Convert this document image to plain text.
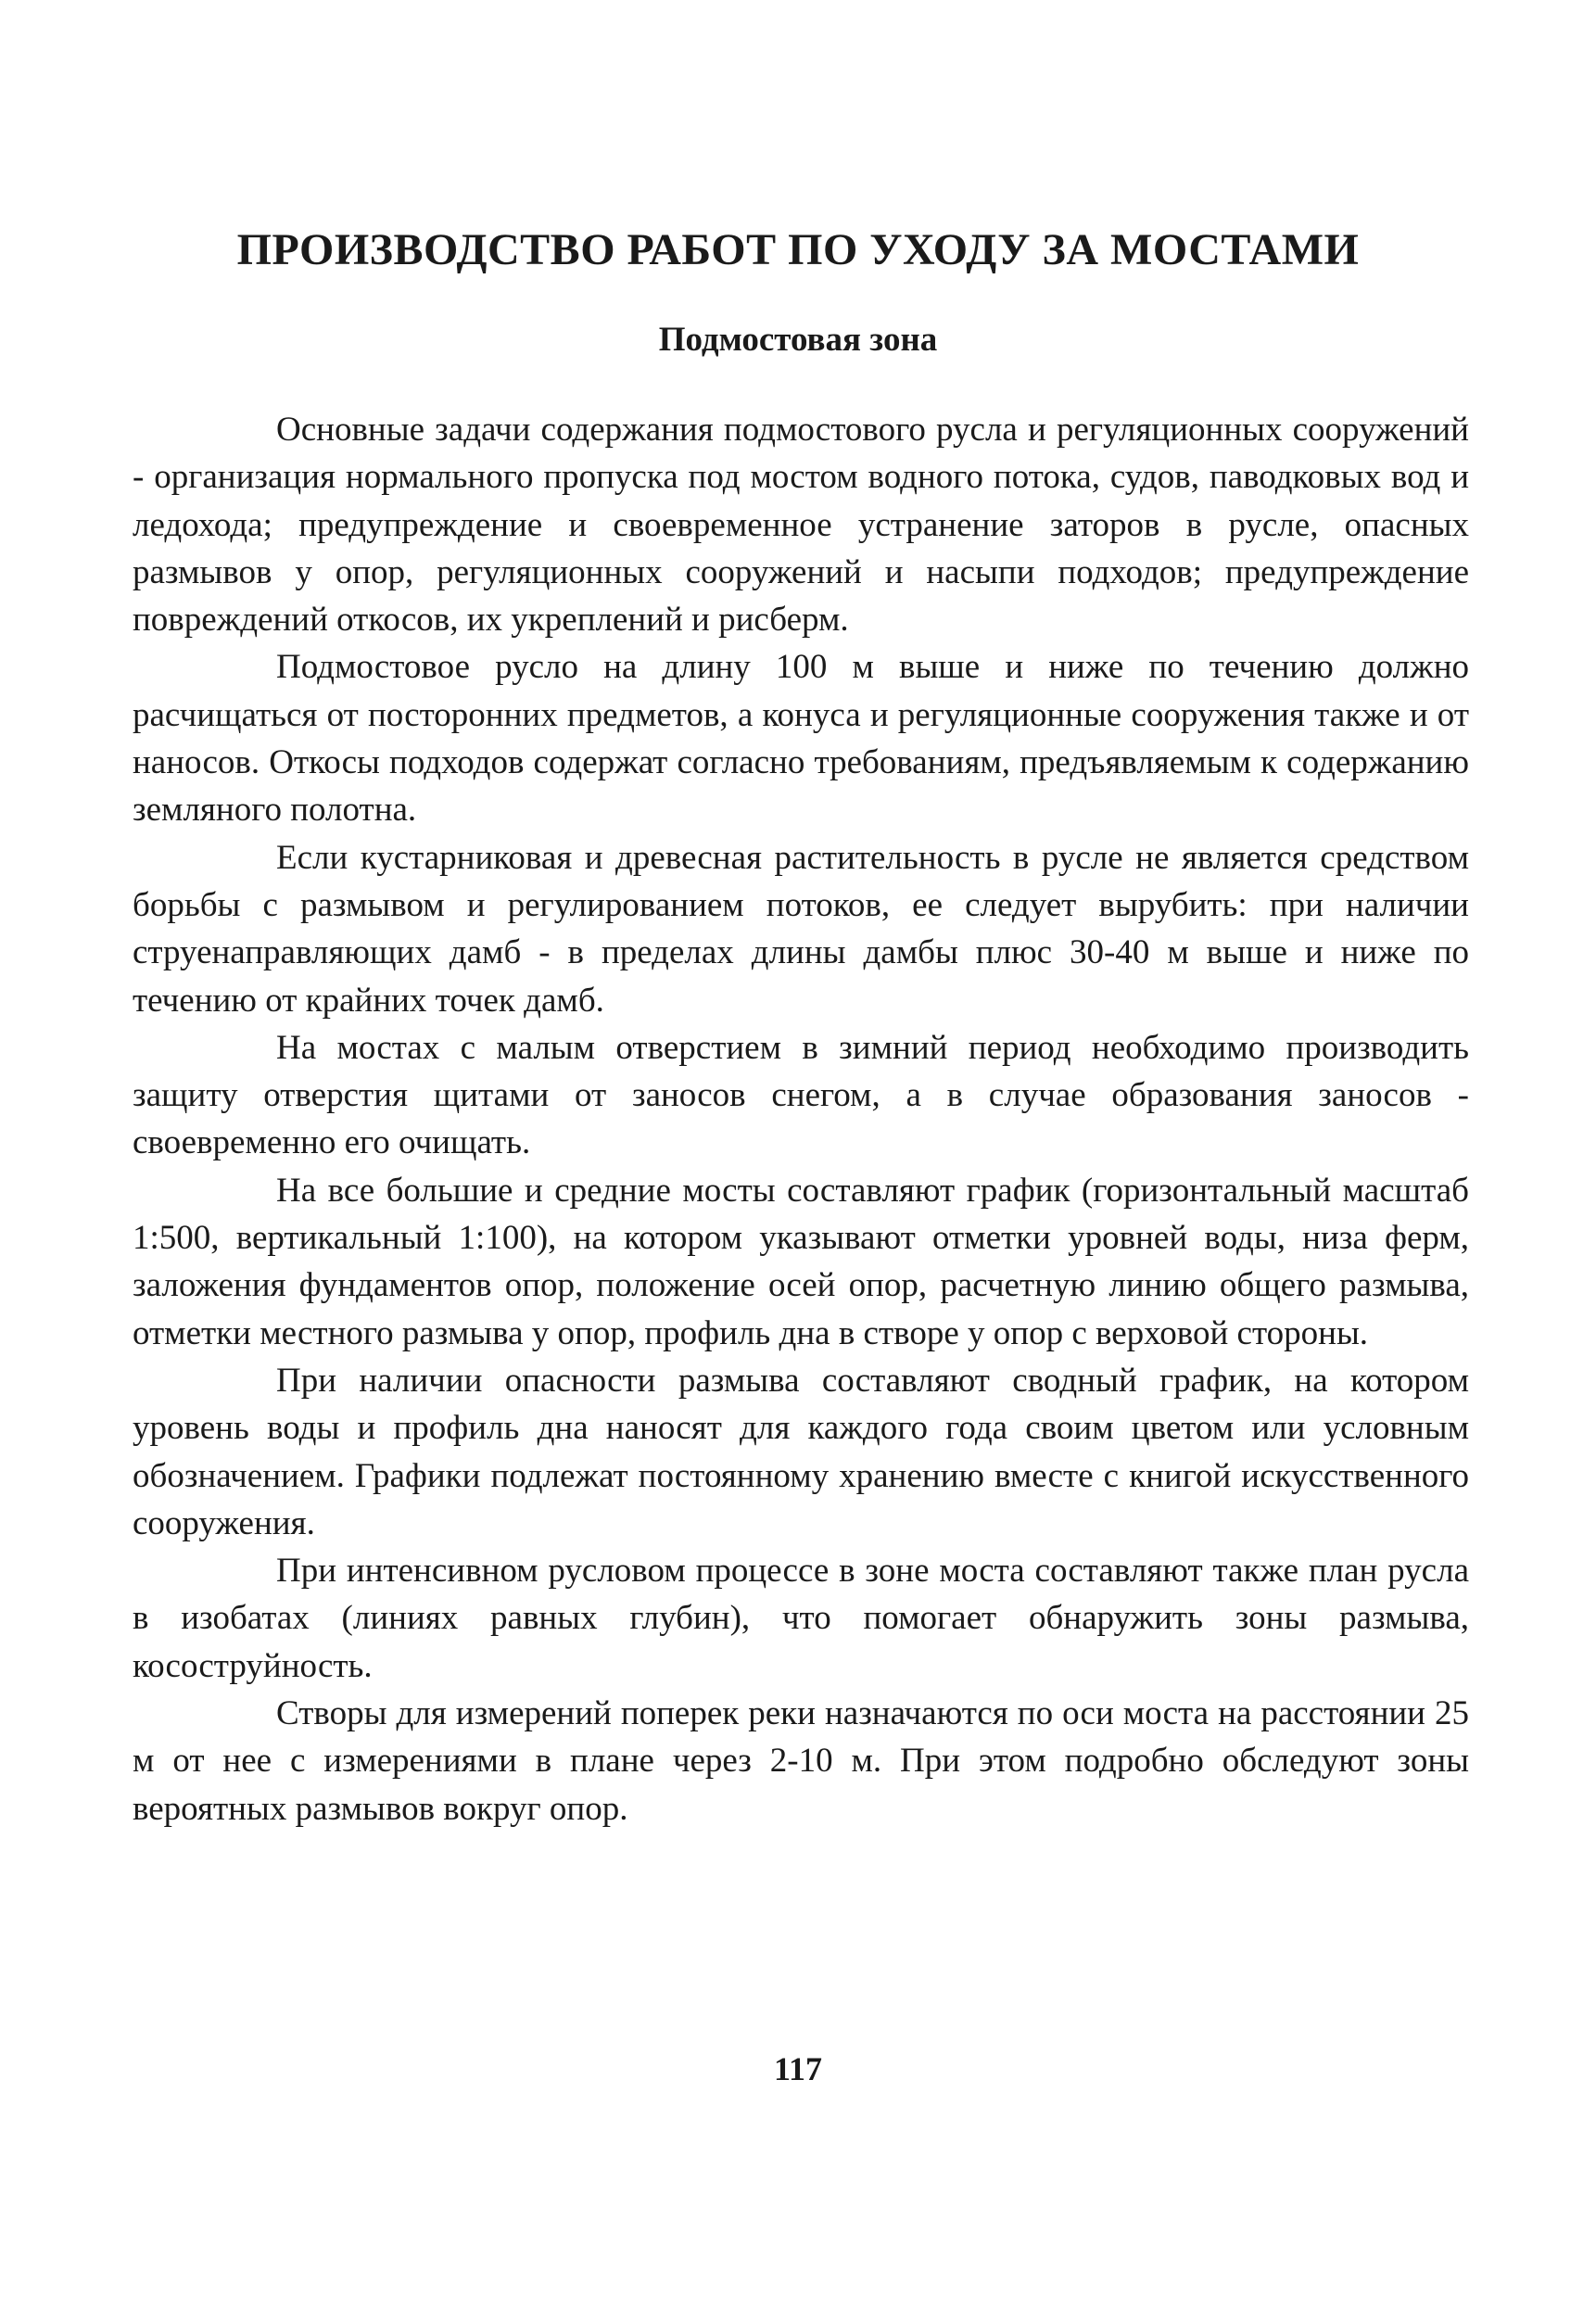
ПРОИЗВОДСТВО РАБОТ ПО УХОДУ ЗА МОСТАМИ
Подмостовая зона

Основные задачи содержания подмостового русла и регуляционных сооружений - организация нормального пропуска под мостом водного потока, судов, паводковых вод и ледохода; предупреждение и своевременное устранение заторов в русле, опасных размывов у опор, регуляционных сооружений и насыпи подходов; предупреждение повреждений откосов, их укреплений и рисберм.

Подмостовое русло на длину 100 м выше и ниже по течению должно расчищаться от посторонних предметов, а конуса и регуляционные сооружения также и от наносов. Откосы подходов содержат согласно требованиям, предъявляемым к содержанию земляного полотна.

Если кустарниковая и древесная растительность в русле не является средством борьбы с размывом и регулированием потоков, ее следует вырубить: при наличии струенаправляющих дамб - в пределах длины дамбы плюс 30-40 м выше и ниже по течению от крайних точек дамб.

На мостах с малым отверстием в зимний период необходимо производить защиту отверстия щитами от заносов снегом, а в случае образования заносов - своевременно его очищать.

На все большие и средние мосты составляют график (горизонтальный масштаб 1:500, вертикальный 1:100), на котором указывают отметки уровней воды, низа ферм, заложения фундаментов опор, положение осей опор, расчетную линию общего размыва, отметки местного размыва у опор, профиль дна в створе у опор с верховой стороны.

При наличии опасности размыва составляют сводный график, на котором уровень воды и профиль дна наносят для каждого года своим цветом или условным обозначением. Графики подлежат постоянному хранению вместе с книгой искусственного сооружения.

При интенсивном русловом процессе в зоне моста составляют также план русла в изобатах (линиях равных глубин), что помогает обнаружить зоны размыва, косоструйность.

Створы для измерений поперек реки назначаются по оси моста на расстоянии 25 м от нее с измерениями в плане через 2-10 м. При этом подробно обследуют зоны вероятных размывов вокруг опор.

117
